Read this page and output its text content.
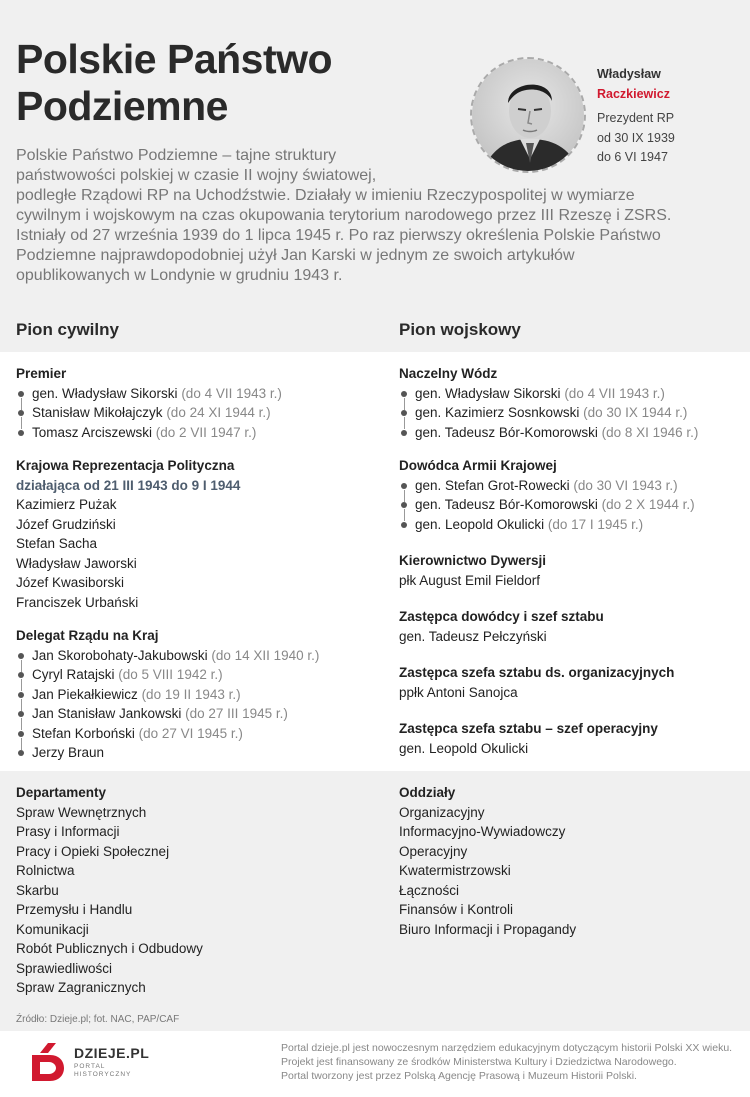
Polskie Państwo Podziemne
Władysław
Raczkiewicz
Prezydent RP
od 30 IX 1939
do 6 VI 1947

Polskie Państwo Podziemne – tajne struktury
państwowości polskiej w czasie II wojny światowej,
podległe Rządowi RP na Uchodźstwie. Działały w imieniu Rzeczypospolitej w wymiarze
cywilnym i wojskowym na czas okupowania terytorium narodowego przez III Rzeszę i ZSRS.
Istniały od 27 września 1939 do 1 lipca 1945 r. Po raz pierwszy określenia Polskie Państwo
Podziemne najprawdopodobniej użył Jan Karski w jednym ze swoich artykułów
opublikowanych w Londynie w grudniu 1943 r.

Pion cywilny	Pion wojskowy
Premier
gen. Władysław Sikorski (do 4 VII 1943 r.)
Stanisław Mikołajczyk (do 24 XI 1944 r.)
Tomasz Arciszewski (do 2 VII 1947 r.)
Krajowa Reprezentacja Polityczna
działająca od 21 III 1943 do 9 I 1944
Kazimierz Pużak
Józef Grudziński
Stefan Sacha
Władysław Jaworski
Józef Kwasiborski
Franciszek Urbański
Delegat Rządu na Kraj
Jan Skorobohaty-Jakubowski (do 14 XII 1940 r.)
Cyryl Ratajski (do 5 VIII 1942 r.)
Jan Piekałkiewicz (do 19 II 1943 r.)
Jan Stanisław Jankowski (do 27 III 1945 r.)
Stefan Korboński (do 27 VI 1945 r.)
Jerzy Braun
Naczelny Wódz
gen. Władysław Sikorski (do 4 VII 1943 r.)
gen. Kazimierz Sosnkowski (do 30 IX 1944 r.)
gen. Tadeusz Bór-Komorowski (do 8 XI 1946 r.)
Dowódca Armii Krajowej
gen. Stefan Grot-Rowecki (do 30 VI 1943 r.)
gen. Tadeusz Bór-Komorowski (do 2 X 1944 r.)
gen. Leopold Okulicki (do 17 I 1945 r.)
Kierownictwo Dywersji
płk August Emil Fieldorf
Zastępca dowódcy i szef sztabu
gen. Tadeusz Pełczyński
Zastępca szefa sztabu ds. organizacyjnych
ppłk Antoni Sanojca
Zastępca szefa sztabu – szef operacyjny
gen. Leopold Okulicki
Departamenty
Spraw Wewnętrznych
Prasy i Informacji
Pracy i Opieki Społecznej
Rolnictwa
Skarbu
Przemysłu i Handlu
Komunikacji
Robót Publicznych i Odbudowy
Sprawiedliwości
Spraw Zagranicznych
Oddziały
Organizacyjny
Informacyjno-Wywiadowczy
Operacyjny
Kwatermistrzowski
Łączności
Finansów i Kontroli
Biuro Informacji i Propagandy
Źródło: Dzieje.pl; fot. NAC, PAP/CAF
DZIEJE.PL
PORTAL
HISTORYCZNY
Portal dzieje.pl jest nowoczesnym narzędziem edukacyjnym dotyczącym historii Polski XX wieku.
Projekt jest finansowany ze środków Ministerstwa Kultury i Dziedzictwa Narodowego.
Portal tworzony jest przez Polską Agencję Prasową i Muzeum Historii Polski.
